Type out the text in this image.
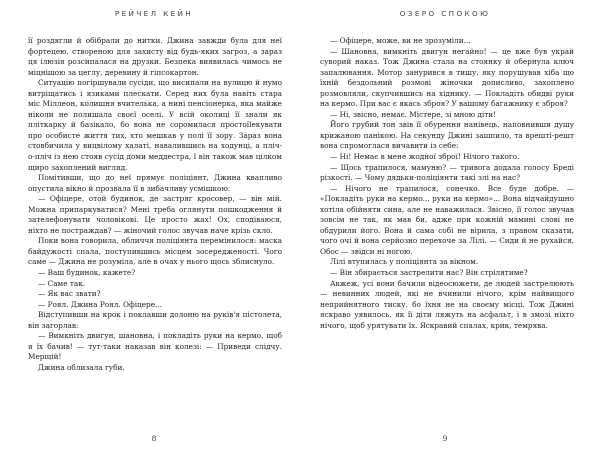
РЕЙЧЕЛ КЕЙН

її роздягли й обібрали до нитки. Джина завжди була для неї фортецею, створеною для захисту від будь-яких загроз, а зараз ця ілюзія розсипалася на друзки. Безпека виявилась чимось не міцнішою за цеглу, деревину й гіпсокартон.

Ситуацію погіршували сусіди, що висипали на вулицю й нумо витріщатись і язиками плескати. Серед них була навіть стара міс Міллеон, колишня вчителька, а нині пенсіонерка, яка майже ніколи не полишала своєї оселі. У всій околиці її знали як плiткарку й базікало, бо вона не соромилася простоîleкувати про особисте життя тих, хто мешкав у полі її зору. Зараз вона стовбичила у вицвілому халаті, навалившись на ходунці, а плiч-о-плiч із нею стояв сусід доми меддестра, ї він також мав цілком щиро захоплений вигляд.

Помітивши, що до неї прямує поліціянт, Джина квапливо опустила вікно й прозвала її в зибачливу усмішкою:

— Офіцере, отой будинок, де застряг кросовер, — він мій. Можна припаркуватися? Мені треба оглянути пошкодження й зателефонувати чоловікові. Це просто жах! Ох, сподіваюся, ніхто не постраждав? — жіночий голос звучав наче крізь скло.

Поки вона говорила, обличчя поліціянта перемінилося: маска байдужості спала, поступившись місцем зосередженості. Чого саме — Джина не розуміла, але в очах у нього щось зблиснуло.

— Ваш будинок, кажете?

— Саме так.

— Як вас звати?

— Роял. Джина Роял. Офіцере...

Відступивши на крок і поклавши долоню на руків'я пістолета, він загорлав:

— Вимкніть двигун, шановна, і покладіть руки на кермо, щоб я їх бачив! — тут-таки наказав він колезі: — Приведи слідчу. Мерщій!

Джина облизала губи.

8
ОЗЕРО СПОКОЮ

— Офіцере, може, ви не зрозуміли...

— Шановна, вимкніть двигун негайно! — це вже був украй суворий наказ. Тож Джина стала на стоянку й обернула ключ запалювання. Мотор занурився в тишу, яку порушував хіба що їхній бездольний розмові жіночки дописливо, захоплено розмовляли, скупчившись на хіднику. — Покладіть обидві руки на кермо. При вас є якась зброя? У вашому багажнику є зброя?

— Ні, звісно, немає. Містере, зі мною діти!

Його грубий тон звів її обурення нанівець, наповнивши душу крижаною панікою. На секунду Джині зашпило, та врешті-решт вона спромоглася вичавити із себе:

— Ні! Немає в мене жодної зброї! Нічого такого.

— Щось трапилося, мамуню? — тривога додала голосу Бреді різкості. — Чому дядьки-поліціянти такі злі на нас?

— Нічого не трапилося, сонечко. Все буде добре. — «Покладіть руки на кермо... руки на кермо»... Вона відчайдушно хотіла обійняти сина, але не наважилася. Звісно, її голос звучав зовсім не так, як мав би, адже при кожній мамині слові не обдурили його. Вона й сама собі не вірила, з правом сказати, чого очі й вона серйозно перехоче за Лілі. — Сиди й не рухайся, Обос — звідси ні ногою.

Лілі втупилась у поліціянта за вікном.

— Він збирається застрелити нас? Він стрілятиме?

Авжеж, усі вони бачили відеосюжети, де людей застрелюють — невинних людей, які не вчинили нічого, крім найвищого неприйнятного тиску, бо їхня не на своєму місці. Тож Джині яскраво уявилось, як її діти ляжуть на асфальт, і в змозі ніхто нічого, щоб урятувати їх. Яскравий спалах, крик, темрява.

9
